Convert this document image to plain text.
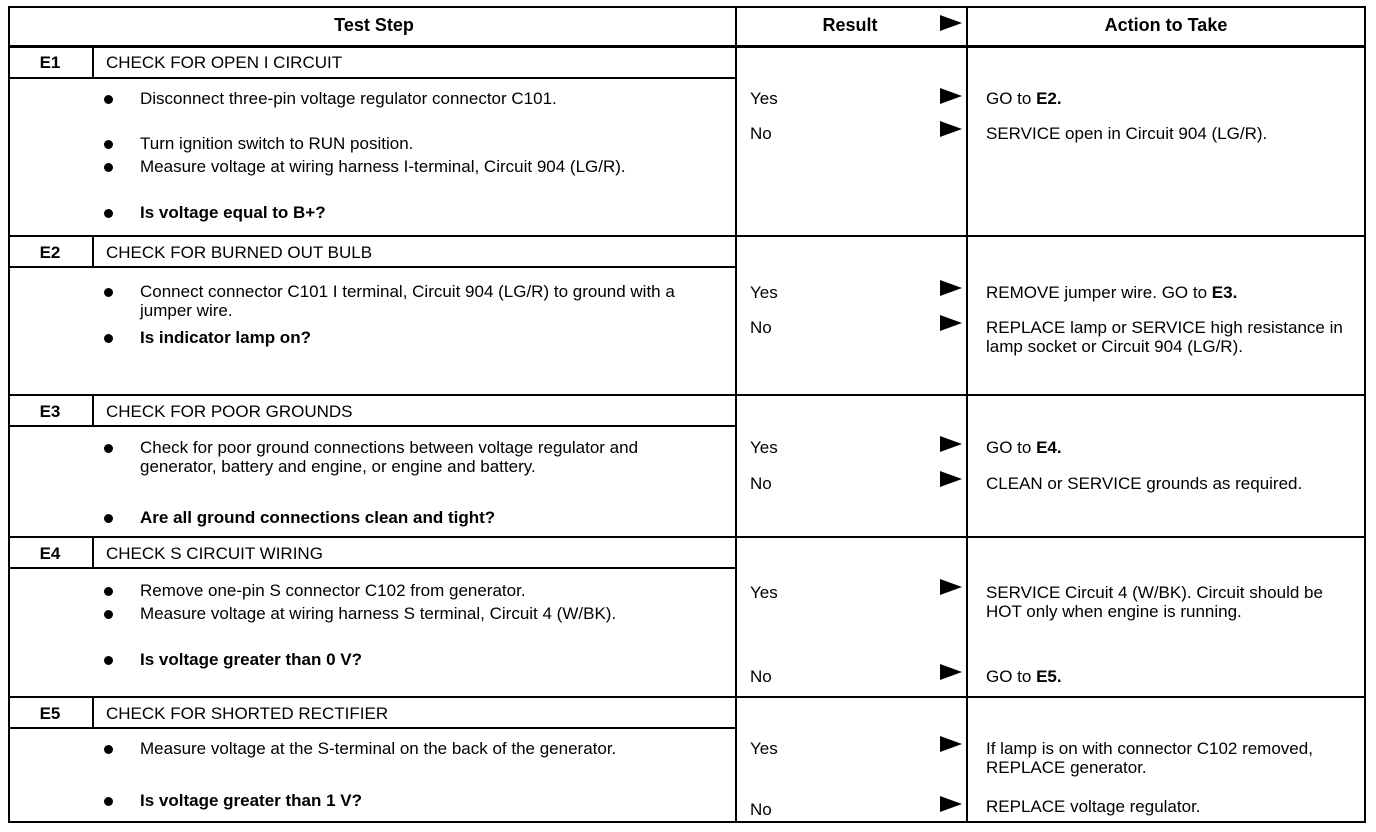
Test Step	Result	Action to Take
E1	CHECK FOR OPEN I CIRCUIT
Disconnect three-pin voltage regulator connector C101.
Turn ignition switch to RUN position.
Measure voltage at wiring harness I-terminal, Circuit 904 (LG/R).
Is voltage equal to B+?
Yes	GO to E2.
No	SERVICE open in Circuit 904 (LG/R).
E2	CHECK FOR BURNED OUT BULB
Connect connector C101 I terminal, Circuit 904 (LG/R) to ground with a jumper wire.
Is indicator lamp on?
Yes	REMOVE jumper wire. GO to E3.
No	REPLACE lamp or SERVICE high resistance in lamp socket or Circuit 904 (LG/R).
E3	CHECK FOR POOR GROUNDS
Check for poor ground connections between voltage regulator and generator, battery and engine, or engine and battery.
Are all ground connections clean and tight?
Yes	GO to E4.
No	CLEAN or SERVICE grounds as required.
E4	CHECK S CIRCUIT WIRING
Remove one-pin S connector C102 from generator.
Measure voltage at wiring harness S terminal, Circuit 4 (W/BK).
Is voltage greater than 0 V?
Yes	SERVICE Circuit 4 (W/BK). Circuit should be HOT only when engine is running.
No	GO to E5.
E5	CHECK FOR SHORTED RECTIFIER
Measure voltage at the S-terminal on the back of the generator.
Is voltage greater than 1 V?
Yes	If lamp is on with connector C102 removed, REPLACE generator.
No	REPLACE voltage regulator.
